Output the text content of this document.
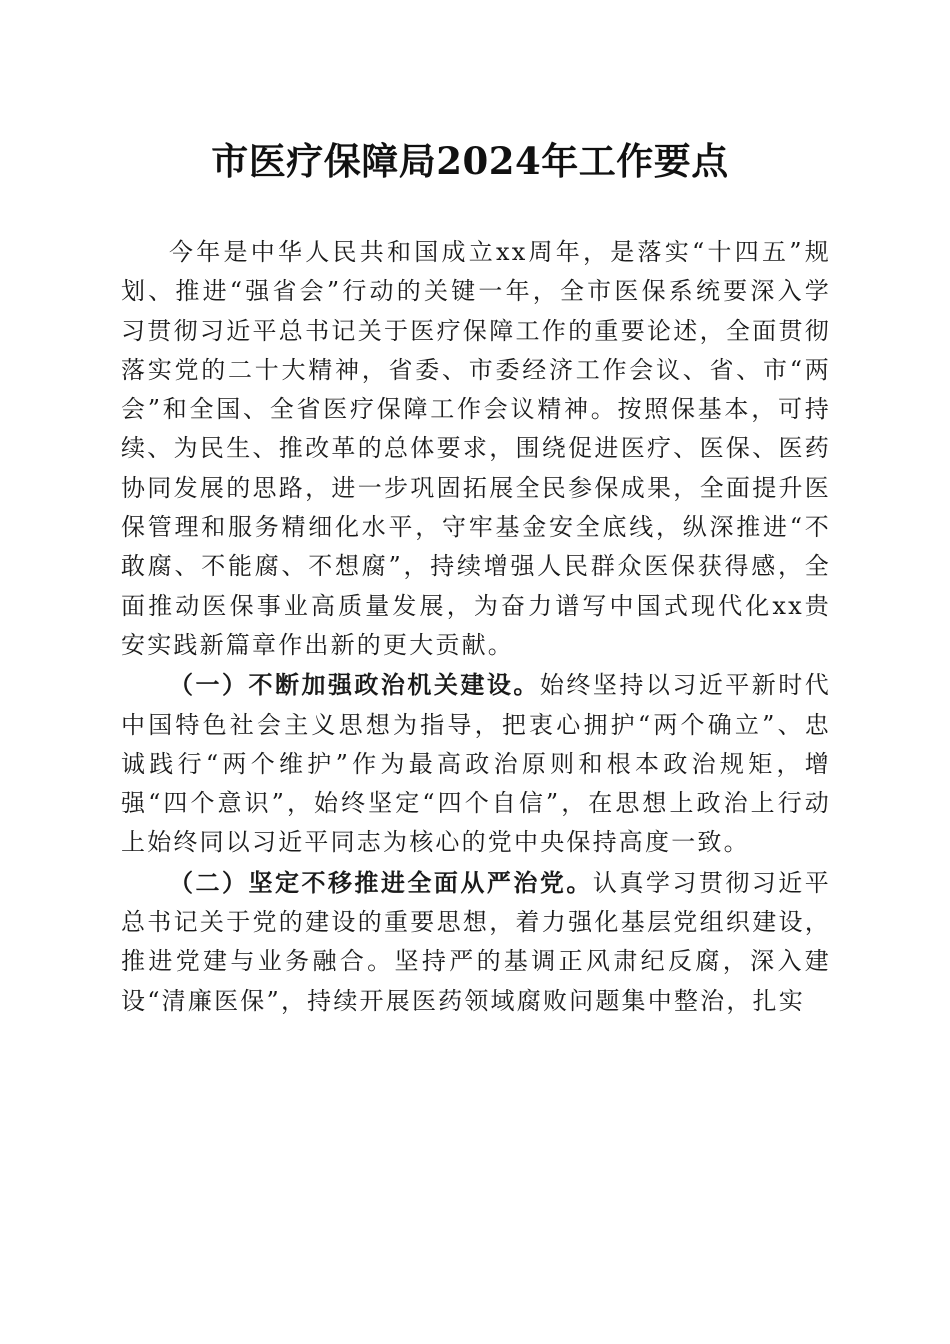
市医疗保障局2024年工作要点

今年是中华人民共和国成立xx周年，是落实“十四五”规划、推进“强省会”行动的关键一年，全市医保系统要深入学习贯彻习近平总书记关于医疗保障工作的重要论述，全面贯彻落实党的二十大精神，省委、市委经济工作会议、省、市“两会”和全国、全省医疗保障工作会议精神。按照保基本，可持续、为民生、推改革的总体要求，围绕促进医疗、医保、医药协同发展的思路，进一步巩固拓展全民参保成果，全面提升医保管理和服务精细化水平，守牢基金安全底线，纵深推进“不敢腐、不能腐、不想腐”，持续增强人民群众医保获得感，全面推动医保事业高质量发展，为奋力谱写中国式现代化xx贵安实践新篇章作出新的更大贡献。

（一）不断加强政治机关建设。始终坚持以习近平新时代中国特色社会主义思想为指导，把衷心拥护“两个确立”、忠诚践行“两个维护”作为最高政治原则和根本政治规矩，增强“四个意识”，始终坚定“四个自信”，在思想上政治上行动上始终同以习近平同志为核心的党中央保持高度一致。

（二）坚定不移推进全面从严治党。认真学习贯彻习近平总书记关于党的建设的重要思想，着力强化基层党组织建设，推进党建与业务融合。坚持严的基调正风肃纪反腐，深入建设“清廉医保”，持续开展医药领域腐败问题集中整治，扎实
